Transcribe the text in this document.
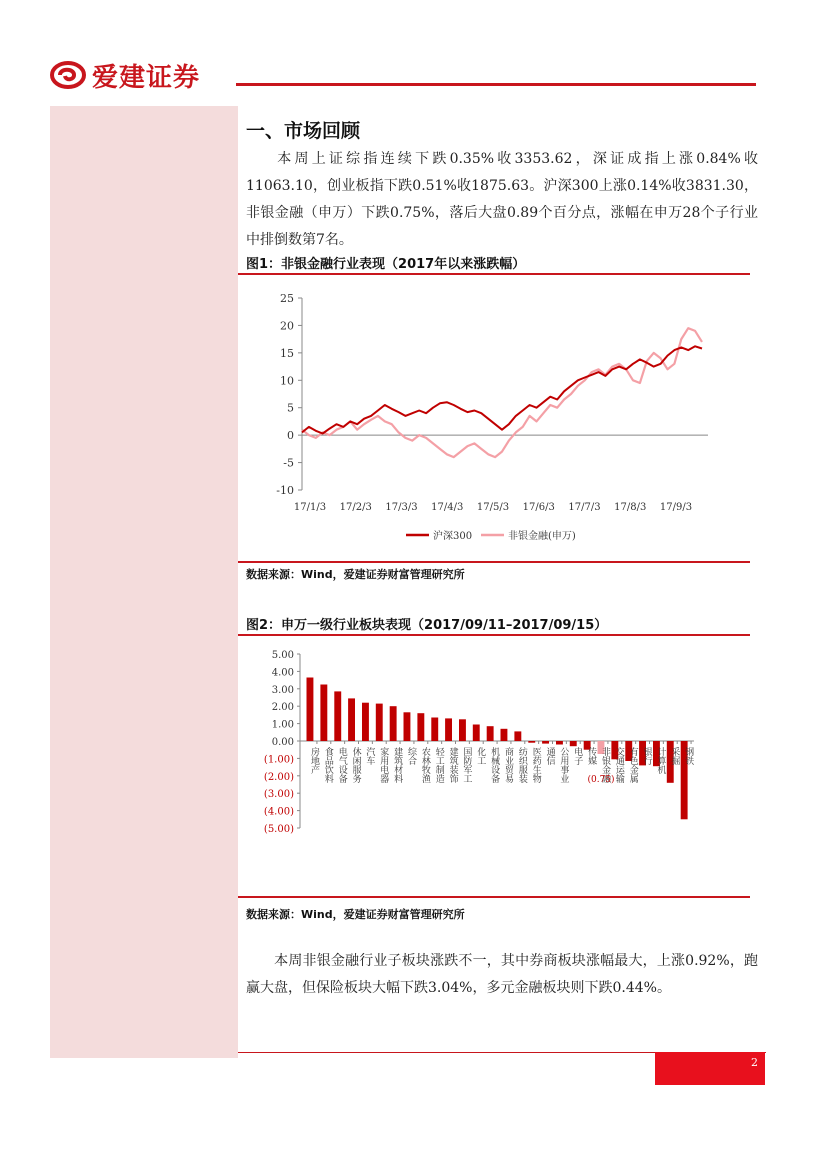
爱建证券
一、市场回顾
本周上证综指连续下跌0.35%收3353.62，深证成指上涨0.84%收11063.10，创业板指下跌0.51%收1875.63。沪深300上涨0.14%收3831.30，非银金融（申万）下跌0.75%，落后大盘0.89个百分点，涨幅在申万28个子行业中排倒数第7名。
图1：非银金融行业表现（2017年以来涨跌幅）
25
20
15
10
5
0
-5
-10
17/1/3 17/2/3 17/3/3 17/4/3 17/5/3 17/6/3 17/7/3 17/8/3 17/9/3
沪深300	非银金融(申万)
数据来源：Wind，爱建证券财富管理研究所
图2：申万一级行业板块表现（2017/09/11–2017/09/15）
5.00
4.00
3.00
2.00
1.00
0.00
(1.00)
(2.00)
(3.00)
(4.00)
(5.00)
房地产 食品饮料 电气设备 休闲服务 汽车 家用电器 建筑材料 综合 农林牧渔 轻工制造 建筑装饰 国防军工 化工 机械设备 商业贸易 纺织服装 医药生物 通信 公用事业 电子 传媒 非银金融
(0.75) 交通运输 有色金属 银行 计算机 采掘 钢铁
数据来源：Wind，爱建证券财富管理研究所
本周非银金融行业子板块涨跌不一，其中券商板块涨幅最大，上涨0.92%，跑赢大盘，但保险板块大幅下跌3.04%，多元金融板块则下跌0.44%。
2
